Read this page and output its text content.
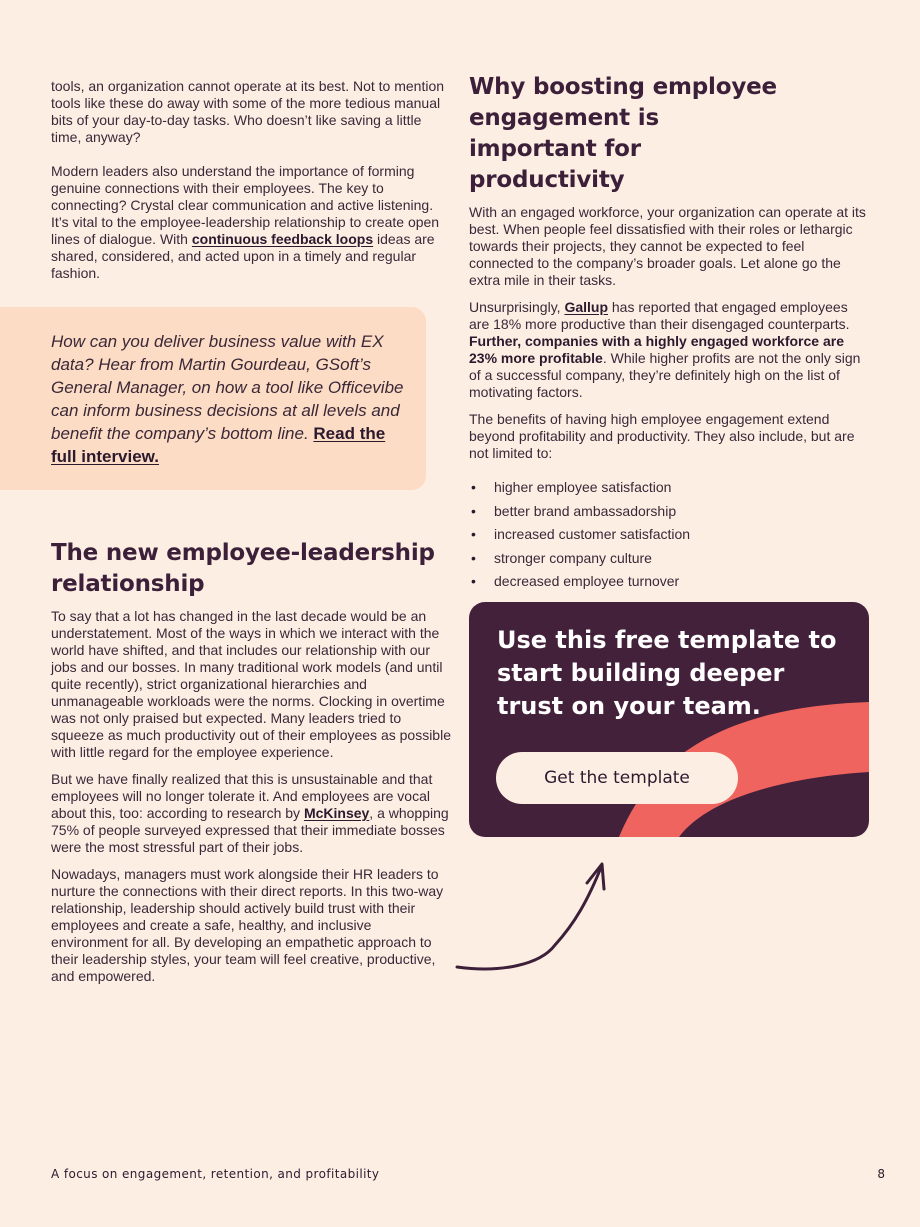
tools, an organization cannot operate at its best. Not to mention tools like these do away with some of the more tedious manual bits of your day-to-day tasks. Who doesn’t like saving a little time, anyway?

Modern leaders also understand the importance of forming genuine connections with their employees. The key to connecting? Crystal clear communication and active listening. It’s vital to the employee-leadership relationship to create open lines of dialogue. With continuous feedback loops ideas are shared, considered, and acted upon in a timely and regular fashion.

How can you deliver business value with EX data? Hear from Martin Gourdeau, GSoft’s General Manager, on how a tool like Officevibe can inform business decisions at all levels and benefit the company’s bottom line. Read the full interview.
The new employee-leadership relationship

To say that a lot has changed in the last decade would be an understatement. Most of the ways in which we interact with the world have shifted, and that includes our relationship with our jobs and our bosses. In many traditional work models (and until quite recently), strict organizational hierarchies and unmanageable workloads were the norms. Clocking in overtime was not only praised but expected. Many leaders tried to squeeze as much productivity out of their employees as possible with little regard for the employee experience.

But we have finally realized that this is unsustainable and that employees will no longer tolerate it. And employees are vocal about this, too: according to research by McKinsey, a whopping 75% of people surveyed expressed that their immediate bosses were the most stressful part of their jobs.

Nowadays, managers must work alongside their HR leaders to nurture the connections with their direct reports. In this two-way relationship, leadership should actively build trust with their employees and create a safe, healthy, and inclusive environment for all. By developing an empathetic approach to their leadership styles, your team will feel creative, productive, and empowered.

Why boosting employee engagement is important for productivity

With an engaged workforce, your organization can operate at its best. When people feel dissatisfied with their roles or lethargic towards their projects, they cannot be expected to feel connected to the company’s broader goals. Let alone go the extra mile in their tasks.

Unsurprisingly, Gallup has reported that engaged employees are 18% more productive than their disengaged counterparts. Further, companies with a highly engaged workforce are 23% more profitable. While higher profits are not the only sign of a successful company, they’re definitely high on the list of motivating factors.

The benefits of having high employee engagement extend beyond profitability and productivity. They also include, but are not limited to:

• higher employee satisfaction
• better brand ambassadorship
• increased customer satisfaction
• stronger company culture
• decreased employee turnover
Use this free template to start building deeper trust on your team.
Get the template
A focus on engagement, retention, and profitability	8
